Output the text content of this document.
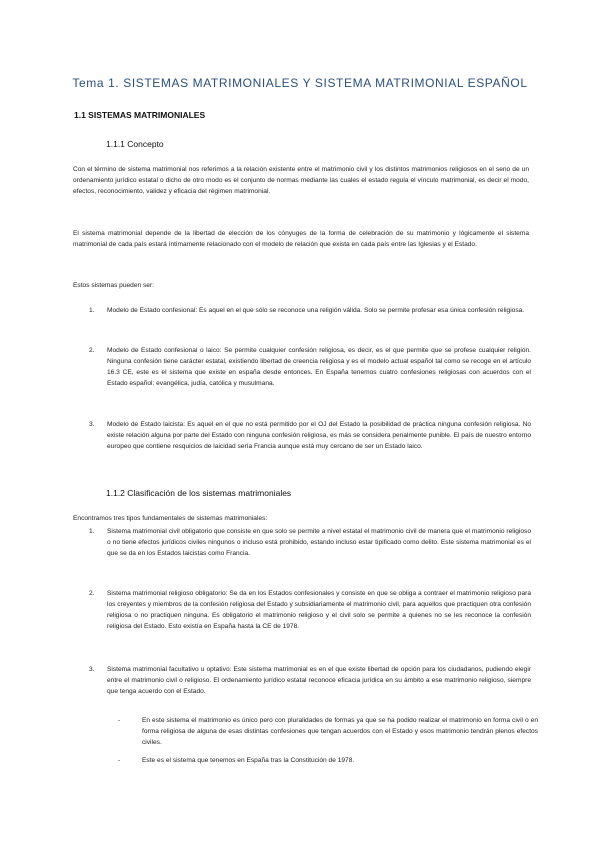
Tema 1. SISTEMAS MATRIMONIALES Y SISTEMA MATRIMONIAL ESPAÑOL
1.1 SISTEMAS MATRIMONIALES
1.1.1 Concepto
Con el término de sistema matrimonial nos referimos a la relación existente entre el matrimonio civil y los distintos matrimonios religiosos en el seno de un ordenamiento jurídico estatal o dicho de otro modo es el conjunto de normas mediante las cuales el estado regula el vínculo matrimonial, es decir el modo, efectos, reconocimiento, validez y eficacia del régimen matrimonial.
El sistema matrimonial depende de la libertad de elección de los cónyuges de la forma de celebración de su matrimonio y lógicamente el sistema matrimonial de cada país estará íntimamente relacionado con el modelo de relación que exista en cada país entre las Iglesias y el Estado.
Estos sistemas pueden ser:
1. Modelo de Estado confesional: Es aquel en el que sólo se reconoce una religión válida. Solo se permite profesar esa única confesión religiosa.
2. Modelo de Estado confesional o laico: Se permite cualquier confesión religiosa, es decir, es el que permite que se profese cualquier religión. Ninguna confesión tiene carácter estatal, existiendo libertad de creencia religiosa y es el modelo actual español tal como se recoge en el artículo 16.3 CE, este es el sistema que existe en españa desde entonces. En España tenemos cuatro confesiones religiosas con acuerdos con el Estado español: evangélica, judía, católica y musulmana.
3. Modelo de Estado laicista: Es aquel en el que no está permitido por el OJ del Estado la posibilidad de práctica ninguna confesión religiosa. No existe relación alguna por parte del Estado con ninguna confesión religiosa, es más se considera penalmente punible. El país de nuestro entorno europeo que contiene resquicios de laicidad sería Francia aunque está muy cercano de ser un Estado laico.
1.1.2 Clasificación de los sistemas matrimoniales
Encontramos tres tipos fundamentales de sistemas matrimoniales:
1. Sistema matrimonial civil obligatorio que consiste en que solo se permite a nivel estatal el matrimonio civil de manera que el matrimonio religioso o no tiene efectos jurídicos civiles ningunos o incluso está prohibido, estando incluso estar tipificado como delito. Este sistema matrimonial es el que se da en los Estados laicistas como Francia.
2. Sistema matrimonial religioso obligatorio: Se da en los Estados confesionales y consiste en que se obliga a contraer el matrimonio religioso para los creyentes y miembros de la confesión religiosa del Estado y subsidiariamente el matrimonio civil, para aquellos que practiquen otra confesión religiosa o no practiquen ninguna. Es obligatorio el matrimonio religioso y el civil solo se permite a quienes no se les reconoce la confesión religiosa del Estado. Esto existía en España hasta la CE de 1978.
3. Sistema matrimonial facultativo u optativo: Este sistema matrimonial es en el que existe libertad de opción para los ciudadanos, pudiendo elegir entre el matrimonio civil o religioso. El ordenamiento jurídico estatal reconoce eficacia jurídica en su ámbito a ese matrimonio religioso, siempre que tenga acuerdo con el Estado.
-	En este sistema el matrimonio es único pero con pluralidades de formas ya que se ha podido realizar el matrimonio en forma civil o en forma religiosa de alguna de esas distintas confesiones que tengan acuerdos con el Estado y esos matrimonio tendrán plenos efectos civiles.
-	Este es el sistema que tenemos en España tras la Constitución de 1978.
